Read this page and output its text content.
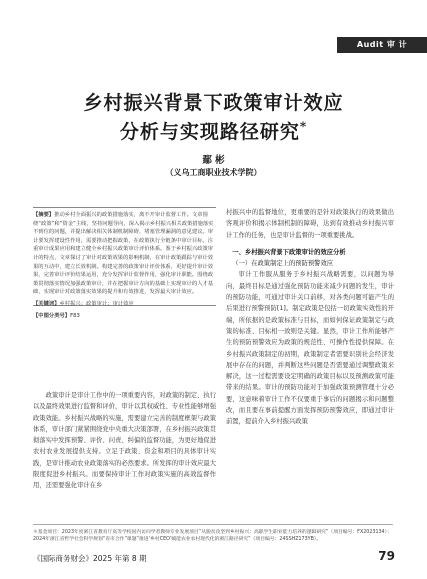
Audit 审 计
乡村振兴背景下政策审计效应
分析与实现路径研究*
鄢 彬
（义乌工商职业技术学院）

【摘要】推动乡村全面振兴的政策措施落实，离不开审计监督工作。文章围绕“政策”和“资金”主线，坚持问题导向，深入揭示乡村振兴相关政策措施落实不到位的问题，并提出解决相关体制机制障碍，堵塞管理漏洞的意见建议。审计要发挥建设性作用，需要推动把握政策，在政策执行全链条中审计目标，注重审计成果应用和建立健全乡村振兴政策审计评价体系。鉴于乡村振兴政策审计的特点，文章探讨了审计对政策效果的影响机制，在审计政策跟踪与审计效果的互动中，建立长效机制。构建完善的政策审计评价体系，更好提升审计效果，完善审计评价结果运用，充分发挥审计监督作用，强化审计职能。围绕政策贯彻落实情况加强政策审计，并在把握审计方向的基础上实现审计的人才基础，实现审计对政策落实效果的提升和有效推进，发挥最大审计效应。

【关键词】乡村振兴；政策审计；审计效应

【中图分类号】F83

政策审计是审计工作中的一项重要内容，对政策的制定、执行以及最终效果进行监督和评价，审计以其权威性、专业性能够增强政策效能。乡村振兴战略的实施，需要建立完善的制度框架与政策体系，审计部门紧紧围绕党中央重大决策部署，在乡村振兴政策贯彻落实中发挥预警、评价、问责、纠偏的监督功能，为更好地促进农村农业发展提供支持。立足于政策、资金和项目的具体审计实践，是审计推动农业政策落实的必然要求。所发挥的审计效应最大限度促进乡村振兴。而要保持审计工作对政策实施的高效监督作用，还需要强化审计在乡

村振兴中的监督地位，更重要的是针对政策执行的效果做出客观评价和揭示体制机制的障碍，达到有效推动乡村振兴审计工作的任务，也是审计监督的一项重要挑战。

一、乡村振兴背景下政策审计的效应分析

（一）在政策制定上的预防预警效应

审计工作服从服务于乡村振兴战略需要，以问题为导向，最终目标是通过强化预防功能来减少问题的发生，审计的预防功能，可通过审计关口前移，对各类问题可能产生的后果进行预警预防[1]。制定政策是包括一切政策实效性的开端，所依据的是政策标准与目标，而如何保证政策制定与政策的标准、目标相一致则是关键。显然，审计工作所能够产生的预防预警效应为政策的规范性、可操作性提供保障。在乡村振兴政策制定的初期，政策制定者需要识别社会经济发展中存在的问题，并判断这些问题是否需要通过调整政策来解决，这一过程需要设定明确的政策目标以及预测政策可能带来的结果。审计的预防功能对于加强政策预测管理十分必要，这意味着审计工作不仅要重于事后的问题揭示和问题整改，而且要在事前提醒方面发挥预防预警效应，即通过审计前置，提前介入乡村振兴政策

＊基金项目：2023年度浙江省教育厅高等学校国内访问学者教师专业发展项目“从脱贫攻坚到乡村振兴：高职学生职业能力培养的逻辑研究”（项目编号：FX2023134）；2024年浙江省哲学社会科学规划“省市合作”课题“推进‘乡村CEO’赋能农业农村现代化的浙江路径研究”（项目编号：24SSHZ173YB）。
《国际商务财会》2025 年第 8 期	79
